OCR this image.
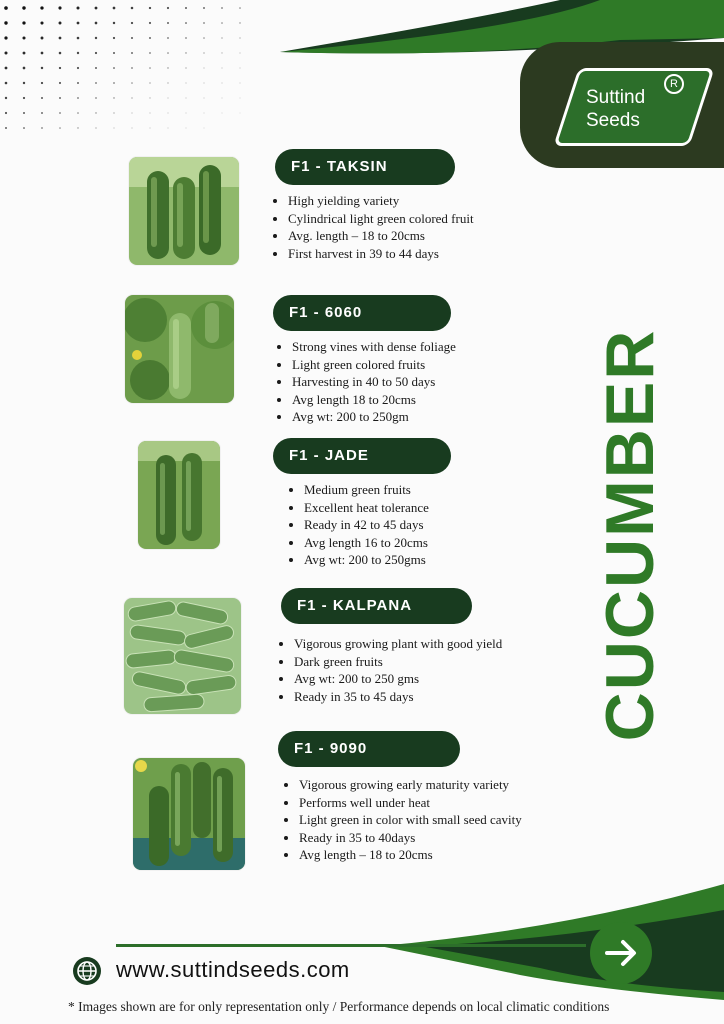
Suttind
Seeds
R
F1 - TAKSIN
• High yielding variety
• Cylindrical light green colored fruit
• Avg. length – 18 to 20cms
• First harvest in 39 to 44 days
F1 - 6060
• Strong vines with dense foliage
• Light green colored fruits
• Harvesting in 40 to 50 days
• Avg length 18 to 20cms
• Avg wt: 200 to 250gm
F1 - JADE
• Medium green fruits
• Excellent heat tolerance
• Ready in 42 to 45 days
• Avg length 16 to 20cms
• Avg wt: 200 to 250gms
F1 - KALPANA
• Vigorous growing plant with good yield
• Dark green fruits
• Avg wt: 200 to 250 gms
• Ready in 35 to 45 days
F1 - 9090
• Vigorous growing early maturity variety
• Performs well under heat
• Light green in color with small seed cavity
• Ready in 35 to 40days
• Avg length – 18 to 20cms
CUCUMBER
www.suttindseeds.com
* Images shown are for only representation only / Performance depends on local climatic conditions
